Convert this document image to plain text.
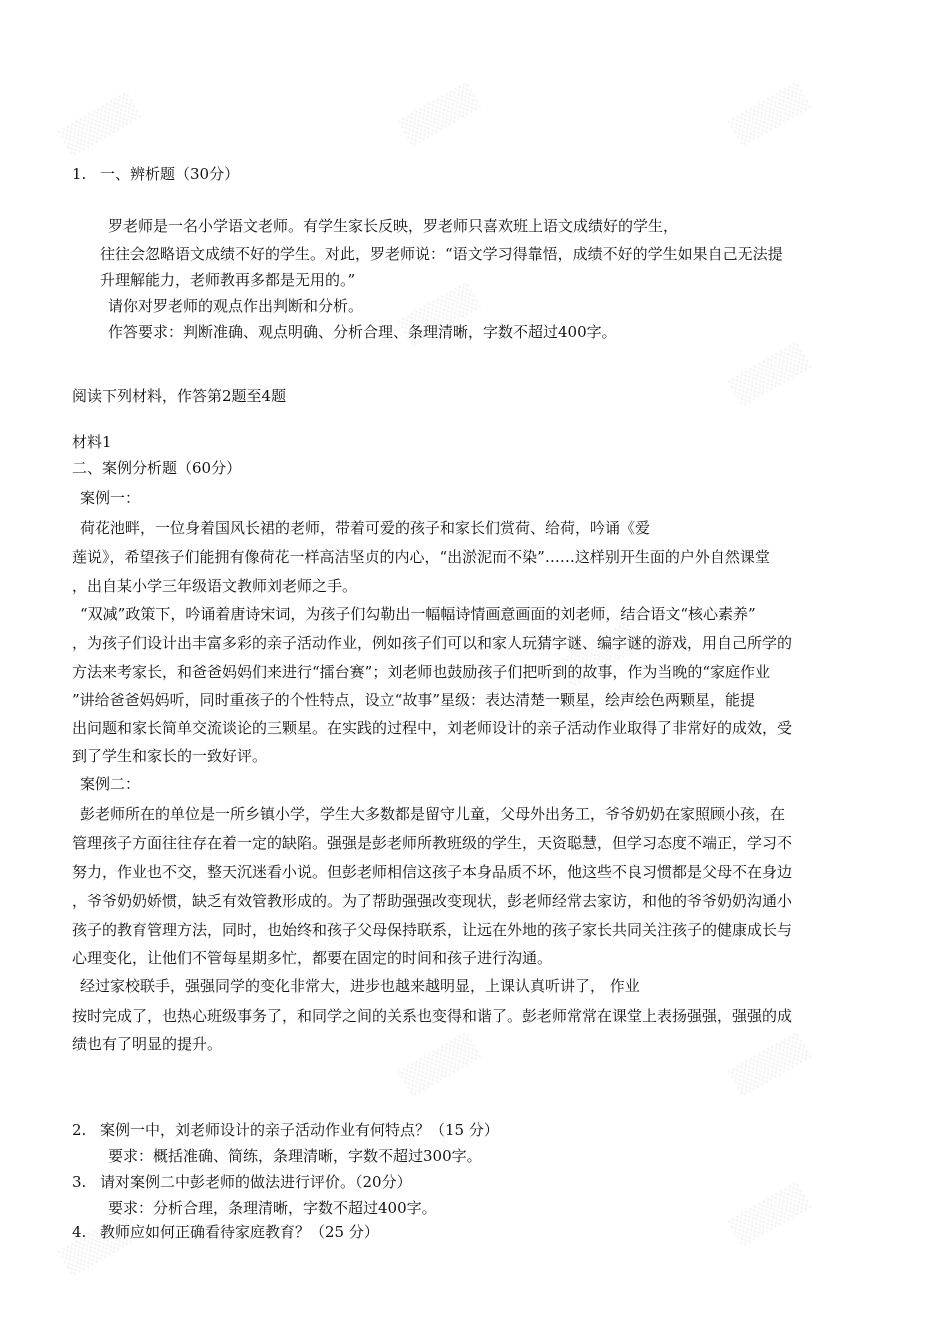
1. 一、辨析题（30分）
罗老师是一名小学语文老师。有学生家长反映，罗老师只喜欢班上语文成绩好的学生，
往往会忽略语文成绩不好的学生。对此，罗老师说：“语文学习得靠悟，成绩不好的学生如果自己无法提
升理解能力，老师教再多都是无用的。”
请你对罗老师的观点作出判断和分析。
作答要求：判断准确、观点明确、分析合理、条理清晰，字数不超过400字。
阅读下列材料，作答第2题至4题
材料1
二、案例分析题（60分）
案例一：
荷花池畔，一位身着国风长裙的老师，带着可爱的孩子和家长们赏荷、给荷，吟诵《爱
莲说》，希望孩子们能拥有像荷花一样高洁坚贞的内心，“出淤泥而不染”……这样别开生面的户外自然课堂
，出自某小学三年级语文教师刘老师之手。
“双减”政策下，吟诵着唐诗宋词，为孩子们勾勒出一幅幅诗情画意画面的刘老师，结合语文“核心素养”
，为孩子们设计出丰富多彩的亲子活动作业，例如孩子们可以和家人玩猜字谜、编字谜的游戏，用自己所学的
方法来考家长，和爸爸妈妈们来进行“擂台赛”；刘老师也鼓励孩子们把听到的故事，作为当晚的“家庭作业
”讲给爸爸妈妈听，同时重孩子的个性特点，设立“故事”星级：表达清楚一颗星，绘声绘色两颗星，能提
出问题和家长简单交流谈论的三颗星。在实践的过程中，刘老师设计的亲子活动作业取得了非常好的成效，受
到了学生和家长的一致好评。
案例二：
彭老师所在的单位是一所乡镇小学，学生大多数都是留守儿童，父母外出务工，爷爷奶奶在家照顾小孩，在
管理孩子方面往往存在着一定的缺陷。强强是彭老师所教班级的学生，天资聪慧，但学习态度不端正，学习不
努力，作业也不交，整天沉迷看小说。但彭老师相信这孩子本身品质不坏，他这些不良习惯都是父母不在身边
，爷爷奶奶娇惯，缺乏有效管教形成的。为了帮助强强改变现状，彭老师经常去家访，和他的爷爷奶奶沟通小
孩子的教育管理方法，同时，也始终和孩子父母保持联系，让远在外地的孩子家长共同关注孩子的健康成长与
心理变化，让他们不管每星期多忙，都要在固定的时间和孩子进行沟通。
经过家校联手，强强同学的变化非常大，进步也越来越明显，上课认真听讲了， 作业
按时完成了，也热心班级事务了，和同学之间的关系也变得和谐了。彭老师常常在课堂上表扬强强，强强的成
绩也有了明显的提升。
2. 案例一中，刘老师设计的亲子活动作业有何特点？（15 分）
要求：概括准确、简练，条理清晰，字数不超过300字。
3. 请对案例二中彭老师的做法进行评价。（20分）
要求：分析合理，条理清晰，字数不超过400字。
4. 教师应如何正确看待家庭教育？（25 分）
